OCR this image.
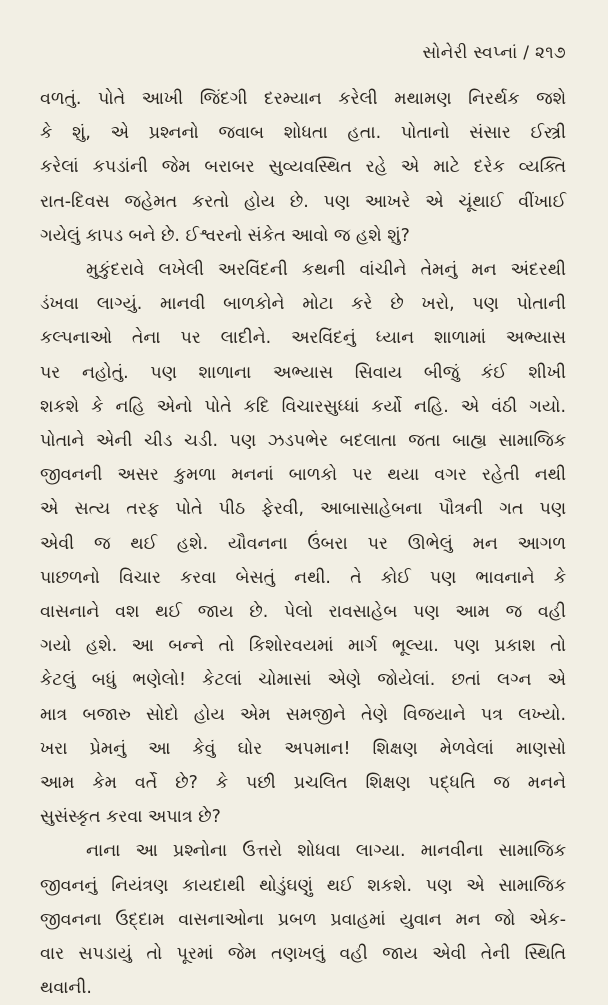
સોનેરી સ્વપ્નાં / ૨૧૭
વળતું. પોતે આખી જિંદગી દરમ્યાન કરેલી મથામણ નિરર્થક જશે
કે શું, એ પ્રશ્નનો જવાબ શોધતા હતા. પોતાનો સંસાર ઈસ્ત્રી
કરેલાં કપડાંની જેમ બરાબર સુવ્યવસ્થિત રહે એ માટે દરેક વ્યક્તિ
રાત-દિવસ જહેમત કરતો હોય છે. પણ આખરે એ ચૂંથાઈ વીંખાઈ
ગયેલું કાપડ બને છે. ઈશ્વરનો સંકેત આવો જ હશે શું?
મુકુંદરાવે લખેલી અરવિંદની કથની વાંચીને તેમનું મન અંદરથી
ડંખવા લાગ્યું. માનવી બાળકોને મોટા કરે છે ખરો, પણ પોતાની
કલ્પનાઓ તેના પર લાદીને. અરવિંદનું ધ્યાન શાળામાં અભ્યાસ
પર નહોતું. પણ શાળાના અભ્યાસ સિવાય બીજું કંઈ શીખી
શકશે કે નહિ એનો પોતે કદિ વિચારસુધ્ધાં કર્યો નહિ. એ વંઠી ગયો.
પોતાને એની ચીડ ચડી. પણ ઝડપભેર બદલાતા જતા બાહ્ય સામાજિક
જીવનની અસર કુમળા મનનાં બાળકો પર થયા વગર રહેતી નથી
એ સત્ય તરફ પોતે પીઠ ફેરવી, આબાસાહેબના પૌત્રની ગત પણ
એવી જ થઈ હશે. યૌવનના ઉંબરા પર ઊભેલું મન આગળ
પાછળનો વિચાર કરવા બેસતું નથી. તે કોઈ પણ ભાવનાને કે
વાસનાને વશ થઈ જાય છે. પેલો રાવસાહેબ પણ આમ જ વહી
ગયો હશે. આ બન્ને તો કિશોરવયમાં માર્ગ ભૂલ્યા. પણ પ્રકાશ તો
કેટલું બધું ભણેલો! કેટલાં ચોમાસાં એણે જોયેલાં. છતાં લગ્ન એ
માત્ર બજારુ સોદો હોય એમ સમજીને તેણે વિજયાને પત્ર લખ્યો.
ખરા પ્રેમનું આ કેવું ઘોર અપમાન! શિક્ષણ મેળવેલાં માણસો
આમ કેમ વર્તે છે? કે પછી પ્રચલિત શિક્ષણ પદ્ધતિ જ મનને
સુસંસ્કૃત કરવા અપાત્ર છે?
નાના આ પ્રશ્નોના ઉત્તરો શોધવા લાગ્યા. માનવીના સામાજિક
જીવનનું નિયંત્રણ કાયદાથી થોડુંઘણું થઈ શકશે. પણ એ સામાજિક
જીવનના ઉદ્દામ વાસનાઓના પ્રબળ પ્રવાહમાં યુવાન મન જો એક-
વાર સપડાયું તો પૂરમાં જેમ તણખલું વહી જાય એવી તેની સ્થિતિ
થવાની.
